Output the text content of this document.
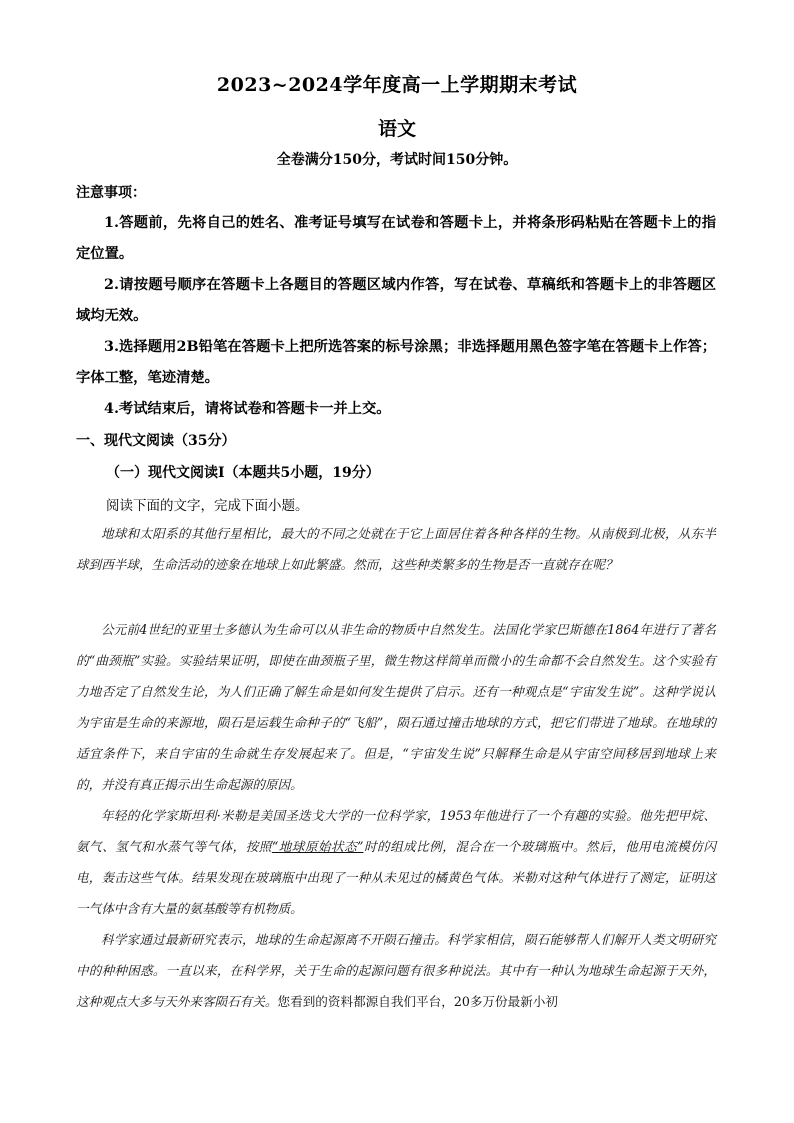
2023~2024学年度高一上学期期末考试
语文
全卷满分150分，考试时间150分钟。
注意事项：
1.答题前，先将自己的姓名、准考证号填写在试卷和答题卡上，并将条形码粘贴在答题卡上的指定位置。
2.请按题号顺序在答题卡上各题目的答题区域内作答，写在试卷、草稿纸和答题卡上的非答题区域均无效。
3.选择题用2B铅笔在答题卡上把所选答案的标号涂黑；非选择题用黑色签字笔在答题卡上作答；字体工整，笔迹清楚。
4.考试结束后，请将试卷和答题卡一并上交。
一、现代文阅读（35分）
（一）现代文阅读Ⅰ（本题共5小题，19分）
阅读下面的文字，完成下面小题。
地球和太阳系的其他行星相比，最大的不同之处就在于它上面居住着各种各样的生物。从南极到北极，从东半球到西半球，生命活动的迹象在地球上如此繁盛。然而，这些种类繁多的生物是否一直就存在呢？
公元前4世纪的亚里士多德认为生命可以从非生命的物质中自然发生。法国化学家巴斯德在1864年进行了著名的“曲颈瓶”实验。实验结果证明，即使在曲颈瓶子里，微生物这样简单而微小的生命都不会自然发生。这个实验有力地否定了自然发生论，为人们正确了解生命是如何发生提供了启示。还有一种观点是“宇宙发生说”。这种学说认为宇宙是生命的来源地，陨石是运载生命种子的“飞船”，陨石通过撞击地球的方式，把它们带进了地球。在地球的适宜条件下，来自宇宙的生命就生存发展起来了。但是，“宇宙发生说”只解释生命是从宇宙空间移居到地球上来的，并没有真正揭示出生命起源的原因。
年轻的化学家斯坦利·米勒是美国圣迭戈大学的一位科学家，1953年他进行了一个有趣的实验。他先把甲烷、氨气、氢气和水蒸气等气体，按照“地球原始状态”时的组成比例，混合在一个玻璃瓶中。然后，他用电流模仿闪电，轰击这些气体。结果发现在玻璃瓶中出现了一种从未见过的橘黄色气体。米勒对这种气体进行了测定，证明这一气体中含有大量的氨基酸等有机物质。
科学家通过最新研究表示，地球的生命起源离不开陨石撞击。科学家相信，陨石能够帮人们解开人类文明研究中的种种困惑。一直以来，在科学界，关于生命的起源问题有很多种说法。其中有一种认为地球生命起源于天外，这种观点大多与天外来客陨石有关。您看到的资料都源自我们平台，20多万份最新小初
